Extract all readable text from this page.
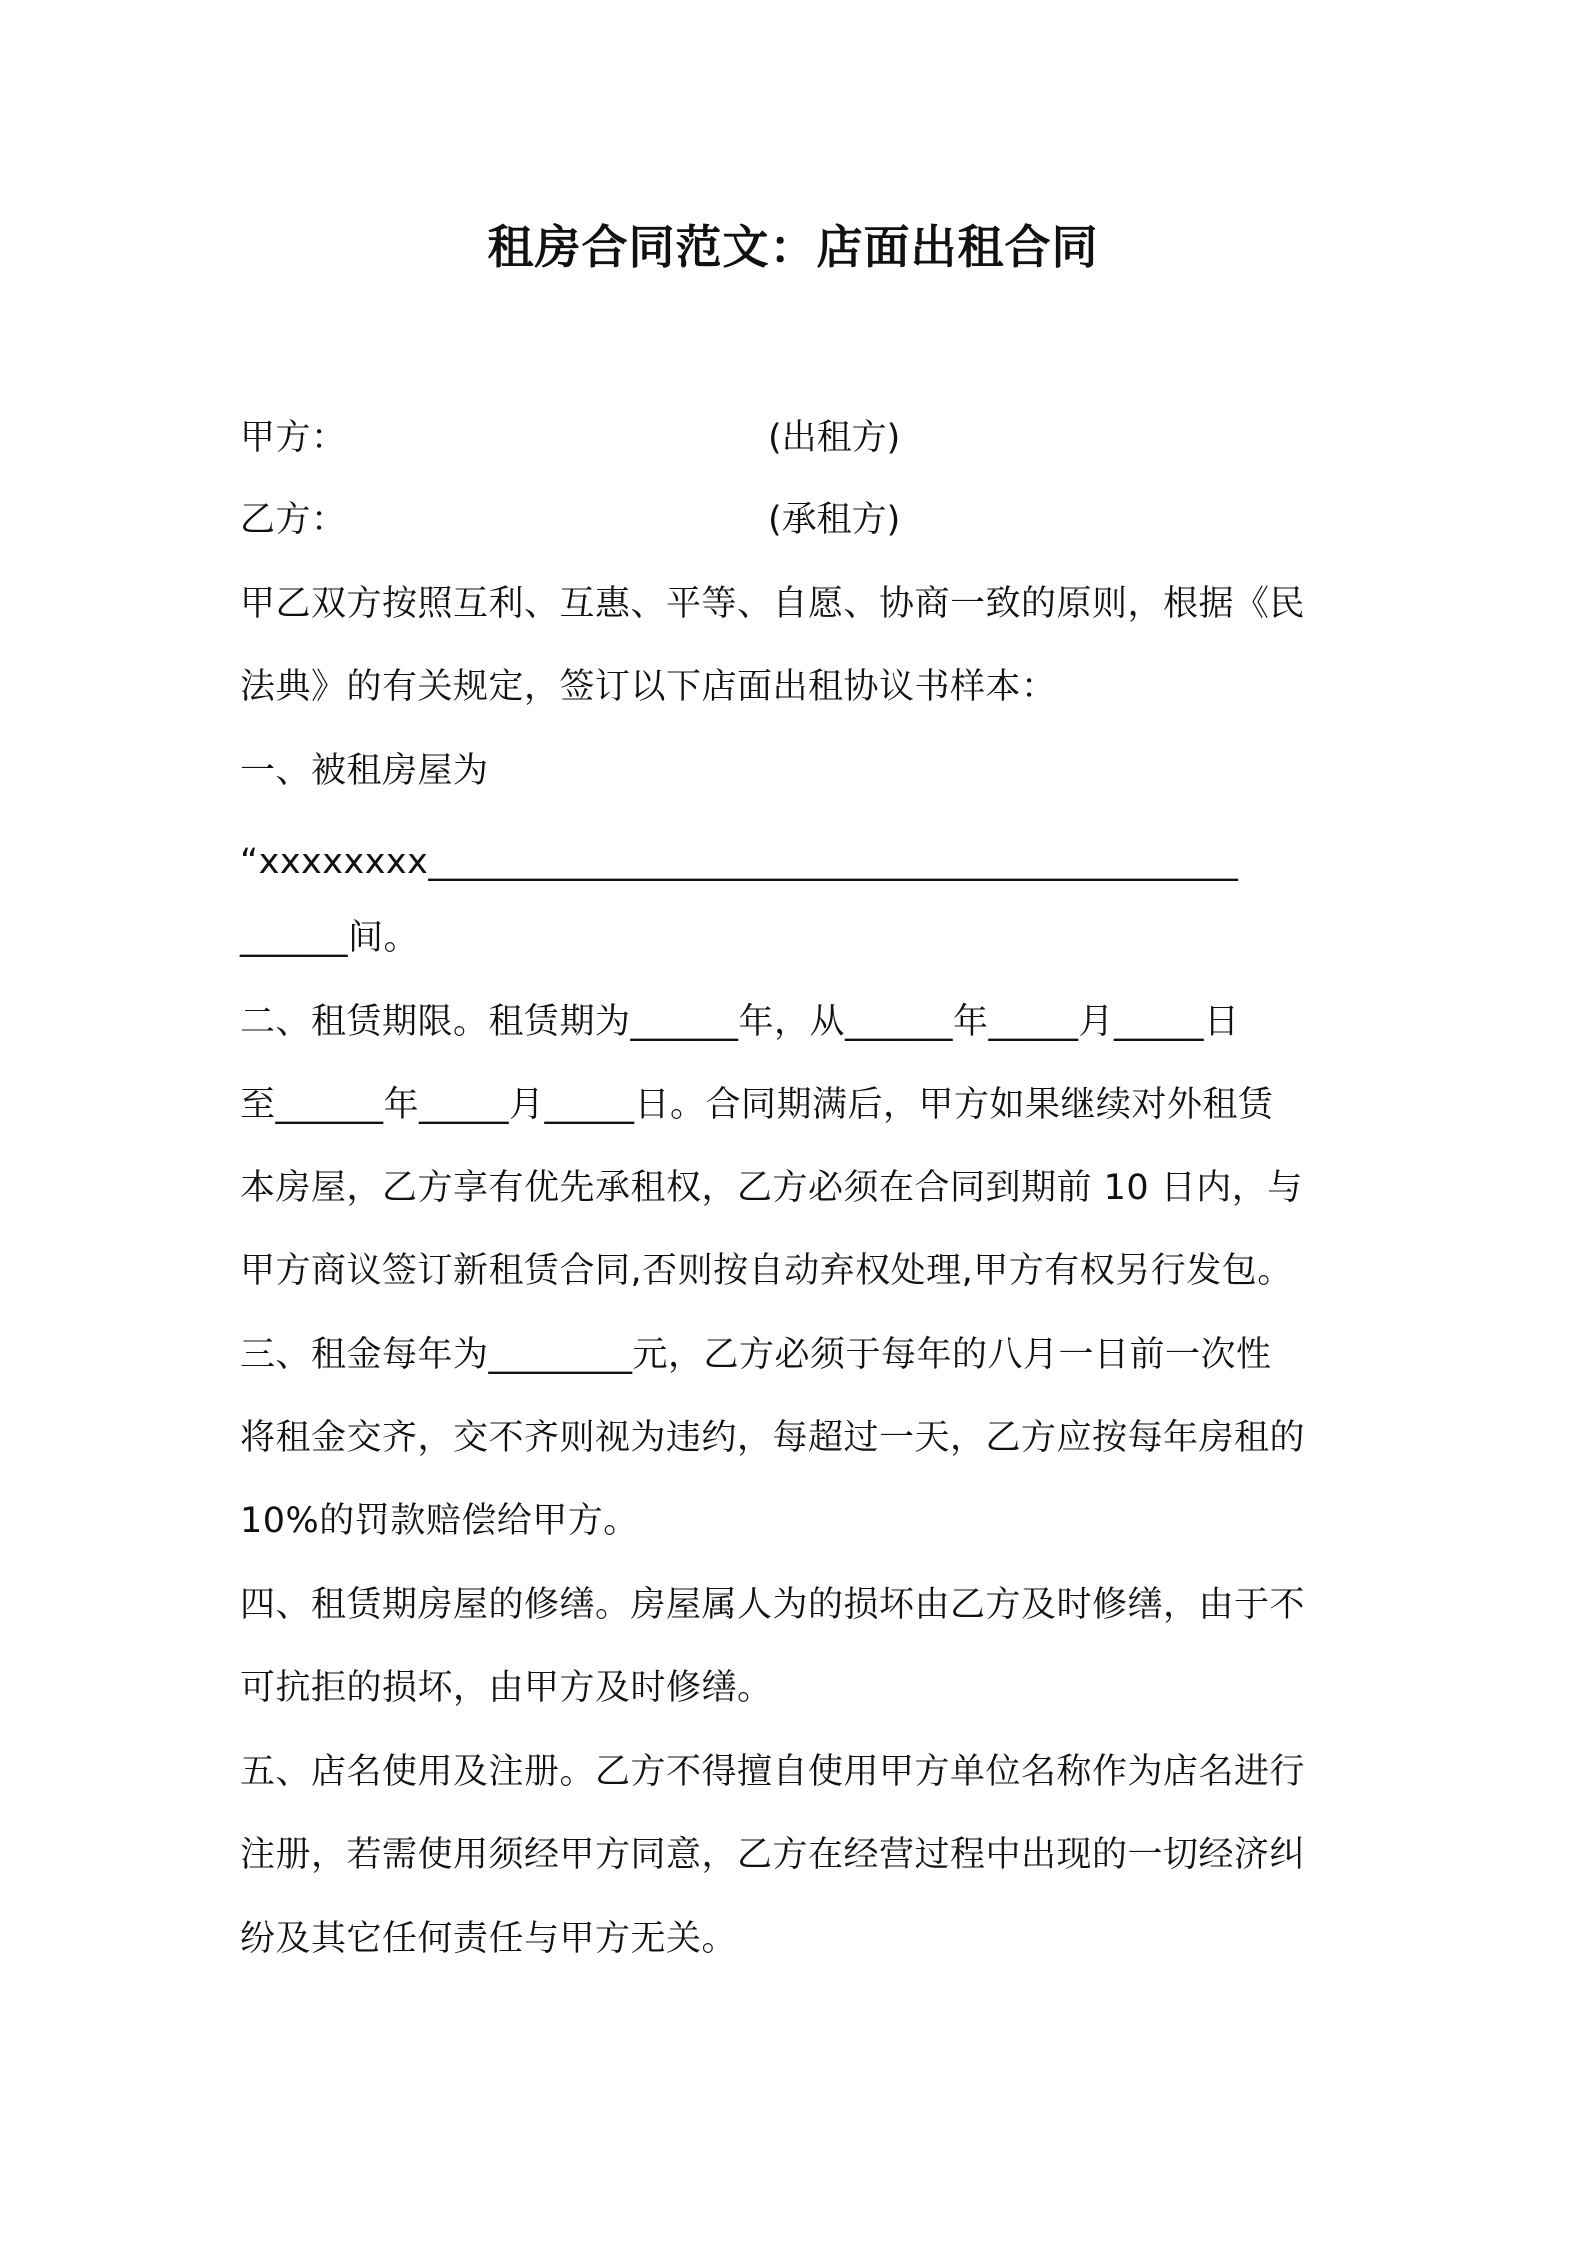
租房合同范文：店面出租合同
甲方：	(出租方)
乙方：	(承租方)
甲乙双方按照互利、互惠、平等、自愿、协商一致的原则，根据《民
法典》的有关规定，签订以下店面出租协议书样本：
一、被租房屋为
“xxxxxxxx_____________________________________________
______间。
二、租赁期限。租赁期为______年，从______年_____月_____日
至______年_____月_____日。合同期满后，甲方如果继续对外租赁
本房屋，乙方享有优先承租权，乙方必须在合同到期前 10 日内，与
甲方商议签订新租赁合同,否则按自动弃权处理,甲方有权另行发包。
三、租金每年为________元，乙方必须于每年的八月一日前一次性
将租金交齐，交不齐则视为违约，每超过一天，乙方应按每年房租的
10%的罚款赔偿给甲方。
四、租赁期房屋的修缮。房屋属人为的损坏由乙方及时修缮，由于不
可抗拒的损坏，由甲方及时修缮。
五、店名使用及注册。乙方不得擅自使用甲方单位名称作为店名进行
注册，若需使用须经甲方同意，乙方在经营过程中出现的一切经济纠
纷及其它任何责任与甲方无关。
